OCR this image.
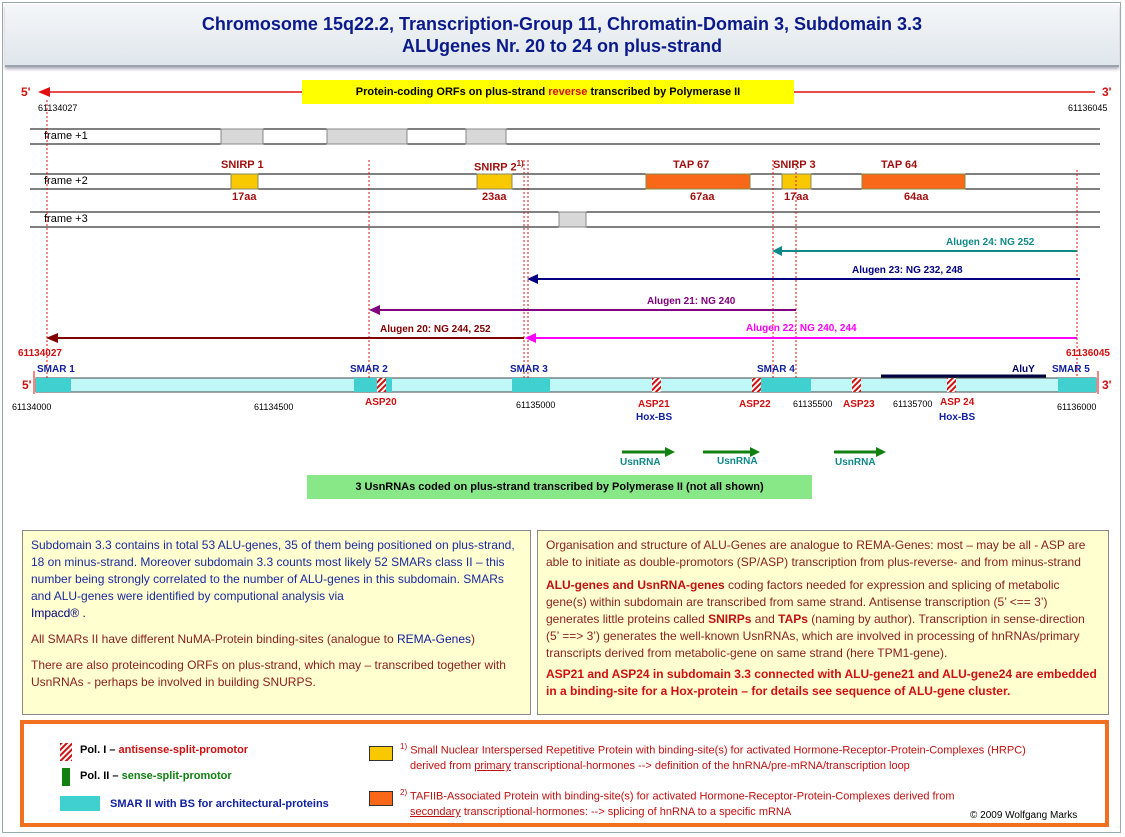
Chromosome 15q22.2, Transcription-Group 11, Chromatin-Domain 3, Subdomain 3.3
ALUgenes Nr. 20 to 24 on plus-strand
5'	3'
61134027	61136045
Protein-coding ORFs on plus-strand reverse transcribed by Polymerase II
frame +1
frame +2
frame +3
SNIRP 1	SNIRP 2$^{1)}$	TAP 67	SNIRP 3	TAP 64
17aa	23aa	67aa	17aa	64aa
Alugen 24: NG 252
Alugen 23: NG 232, 248
Alugen 21: NG 240
Alugen 22: NG 240, 244
Alugen 20: NG 244, 252
61134027	61136045
5'	3'
SMAR 1	SMAR 2	SMAR 3	SMAR 4	SMAR 5
AluY
ASP20	ASP21	ASP22	ASP23	ASP 24
Hox-BS	Hox-BS
61134000	61134500	61135000	61135500	61135700	61136000
UsnRNA	UsnRNA	UsnRNA
3 UsnRNAs coded on plus-strand transcribed by Polymerase II (not all shown)
Subdomain 3.3 contains in total 53 ALU-genes, 35 of them being positioned on plus-strand, 18 on minus-strand. Moreover subdomain 3.3 counts most likely 52 SMARs class II – this number being strongly correlated to the number of ALU-genes in this subdomain. SMARs and ALU-genes were identified by computional analysis via
Impacd® .
All SMARs II have different NuMA-Protein binding-sites (analogue to REMA-Genes)
There are also proteincoding ORFs on plus-strand, which may – transcribed together with UsnRNAs - perhaps be involved in building SNURPS.
Organisation and structure of ALU-Genes are analogue to REMA-Genes: most – may be all - ASP are able to initiate as double-promotors (SP/ASP) transcription from plus-reverse- and from minus-strand
ALU-genes and UsnRNA-genes coding factors needed for expression and splicing of metabolic gene(s) within subdomain are transcribed from same strand. Antisense transcription (5’ <== 3’) generates little proteins called SNIRPs and TAPs (naming by author). Transcription in sense-direction (5’ ==> 3’) generates the well-known UsnRNAs, which are involved in processing of hnRNAs/primary transcripts derived from metabolic-gene on same strand (here TPM1-gene).
ASP21 and ASP24 in subdomain 3.3 connected with ALU-gene21 and ALU-gene24 are embedded in a binding-site for a Hox-protein – for details see sequence of ALU-gene cluster.
Pol. I – antisense-split-promotor
Pol. II – sense-split-promotor
SMAR II with BS for architectural-proteins
$^{1)}$ Small Nuclear Interspersed Repetitive Protein with binding-site(s) for activated Hormone-Receptor-Protein-Complexes (HRPC)
derived from primary transcriptional-hormones --> definition of the hnRNA/pre-mRNA/transcription loop
$^{2)}$ TAFIIB-Associated Protein with binding-site(s) for activated Hormone-Receptor-Protein-Complexes derived from
secondary transcriptional-hormones: --> splicing of hnRNA to a specific mRNA	© 2009 Wolfgang Marks
